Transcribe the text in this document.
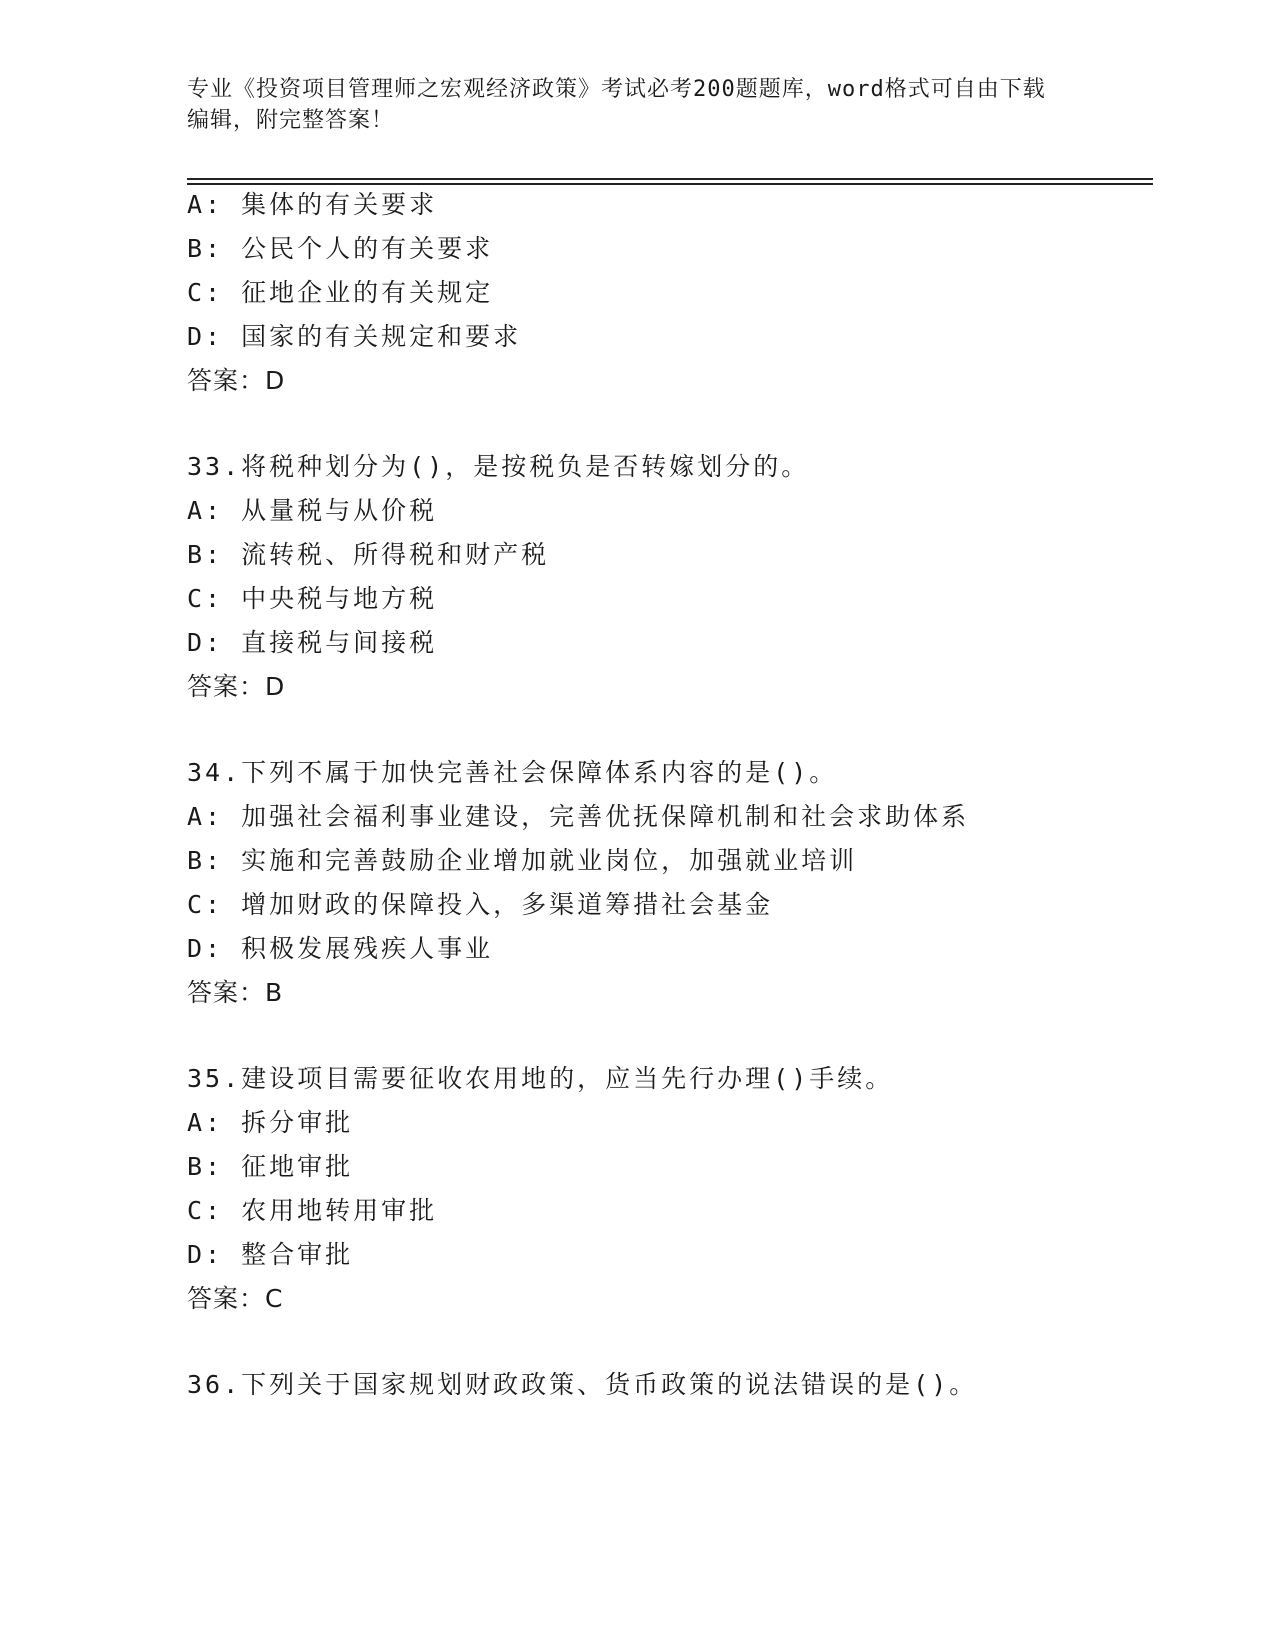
专业《投资项目管理师之宏观经济政策》考试必考200题题库，word格式可自由下载编辑，附完整答案！
A: 集体的有关要求
B: 公民个人的有关要求
C: 征地企业的有关规定
D: 国家的有关规定和要求
答案：D
33.将税种划分为()，是按税负是否转嫁划分的。
A: 从量税与从价税
B: 流转税、所得税和财产税
C: 中央税与地方税
D: 直接税与间接税
答案：D
34.下列不属于加快完善社会保障体系内容的是()。
A: 加强社会福利事业建设，完善优抚保障机制和社会求助体系
B: 实施和完善鼓励企业增加就业岗位，加强就业培训
C: 增加财政的保障投入，多渠道筹措社会基金
D: 积极发展残疾人事业
答案：B
35.建设项目需要征收农用地的，应当先行办理()手续。
A: 拆分审批
B: 征地审批
C: 农用地转用审批
D: 整合审批
答案：C
36.下列关于国家规划财政政策、货币政策的说法错误的是()。
